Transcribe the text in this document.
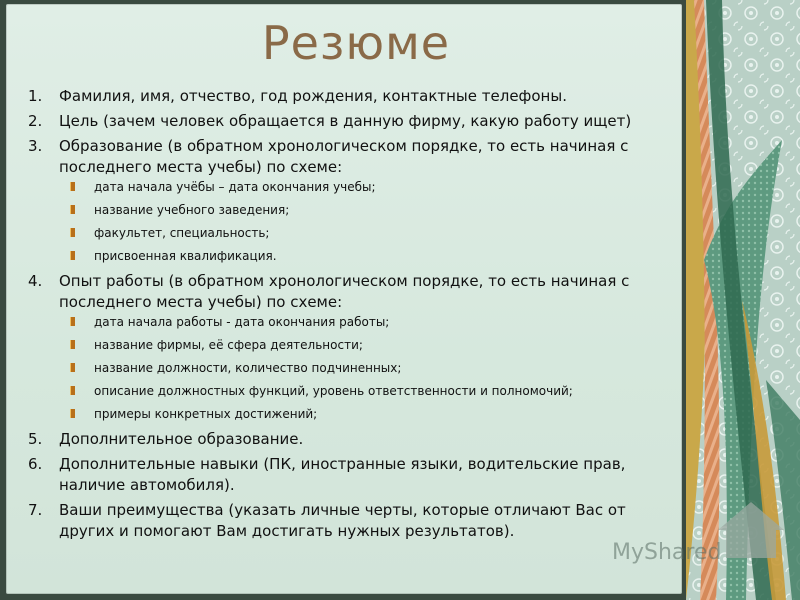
Резюме
1. Фамилия, имя, отчество, год рождения, контактные телефоны.
2. Цель (зачем человек обращается в данную фирму, какую работу ищет)
3. Образование (в обратном хронологическом порядке, то есть начиная с последнего места учебы) по схеме:
дата начала учёбы – дата окончания учебы;
название учебного заведения;
факультет, специальность;
присвоенная квалификация.
4. Опыт работы (в обратном хронологическом порядке, то есть начиная с последнего места учебы) по схеме:
дата начала работы - дата окончания работы;
название фирмы, её сфера деятельности;
название должности, количество подчиненных;
описание должностных функций, уровень ответственности и полномочий;
примеры конкретных достижений;
5. Дополнительное образование.
6. Дополнительные навыки (ПК, иностранные языки, водительские прав, наличие автомобиля).
7. Ваши преимущества (указать личные черты, которые отличают Вас от других и помогают Вам достигать нужных результатов).
MyShared
